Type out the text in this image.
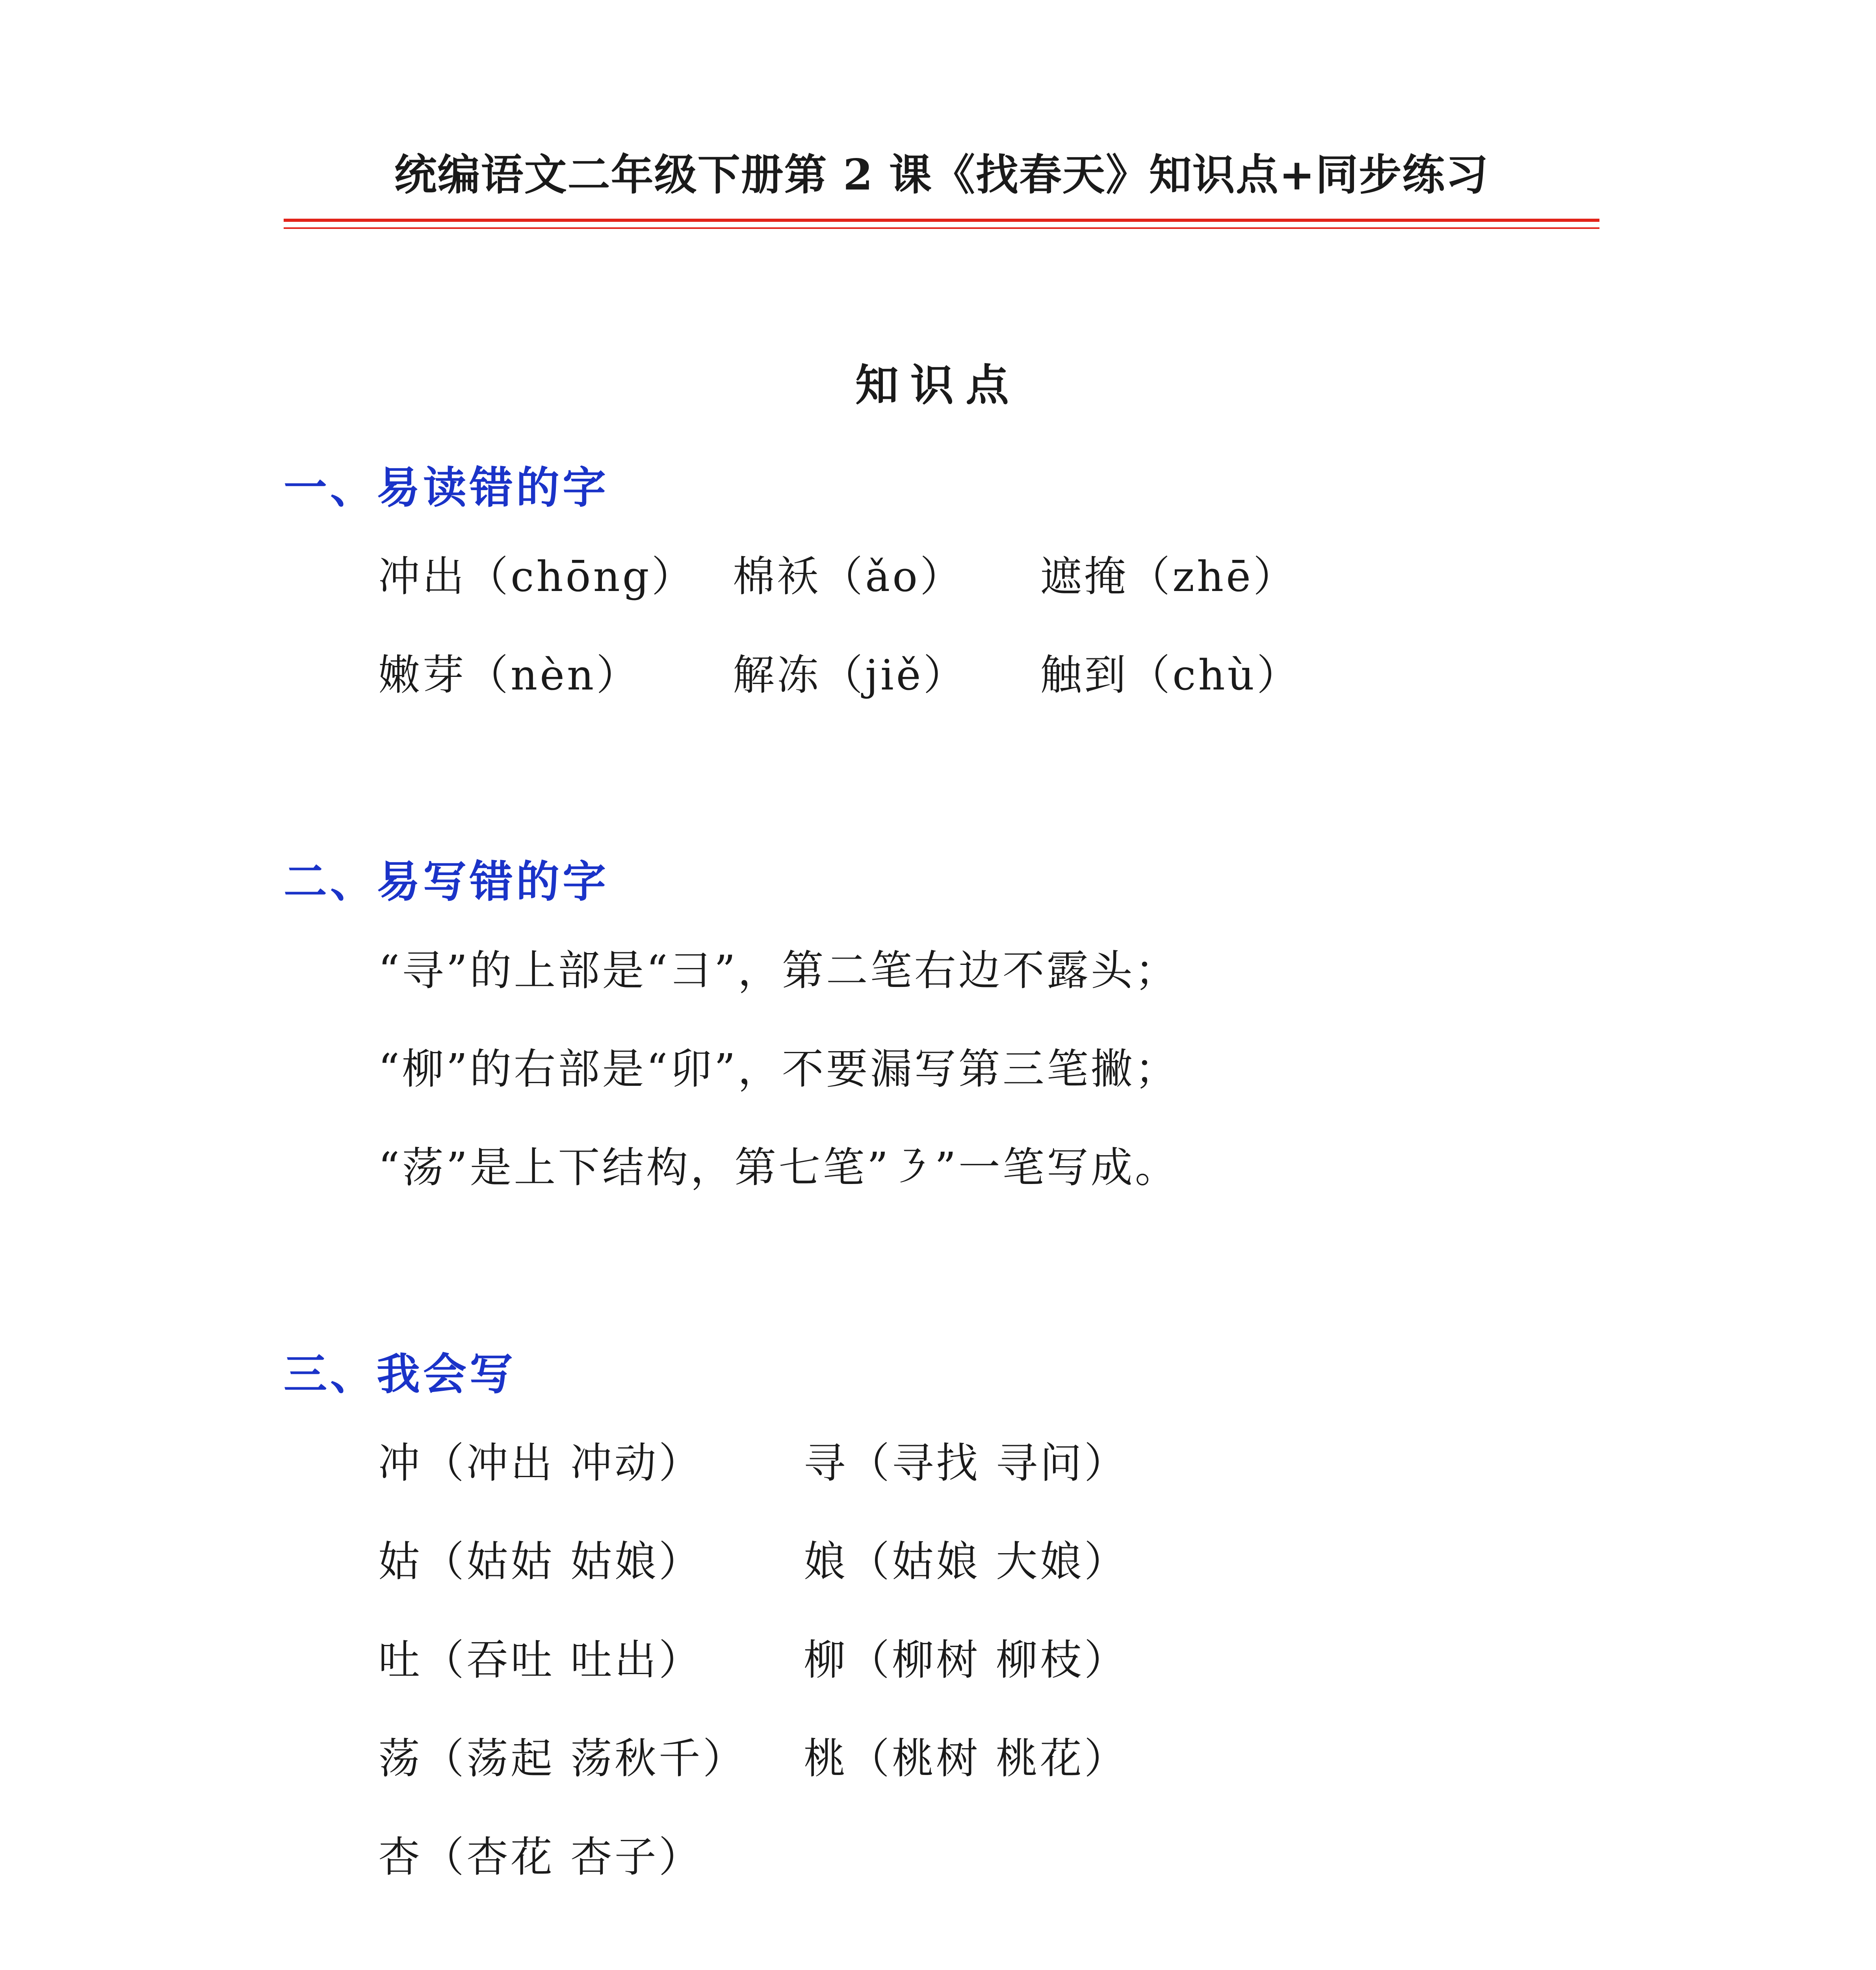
统编语文二年级下册第 2 课《找春天》知识点+同步练习
知识点
一、易读错的字
冲出（chōng） 棉袄（ǎo） 遮掩（zhē）
嫩芽（nèn） 解冻（jiě） 触到（chù）
二、易写错的字
“寻”的上部是“彐”，第二笔右边不露头；
“柳”的右部是“卯”，不要漏写第三笔撇；
“荡”是上下结构，第七笔”㇋”一笔写成。
三、我会写
冲（冲出 冲动） 寻（寻找 寻问）
姑（姑姑 姑娘） 娘（姑娘 大娘）
吐（吞吐 吐出） 柳（柳树 柳枝）
荡（荡起 荡秋千） 桃（桃树 桃花）
杏（杏花 杏子）
